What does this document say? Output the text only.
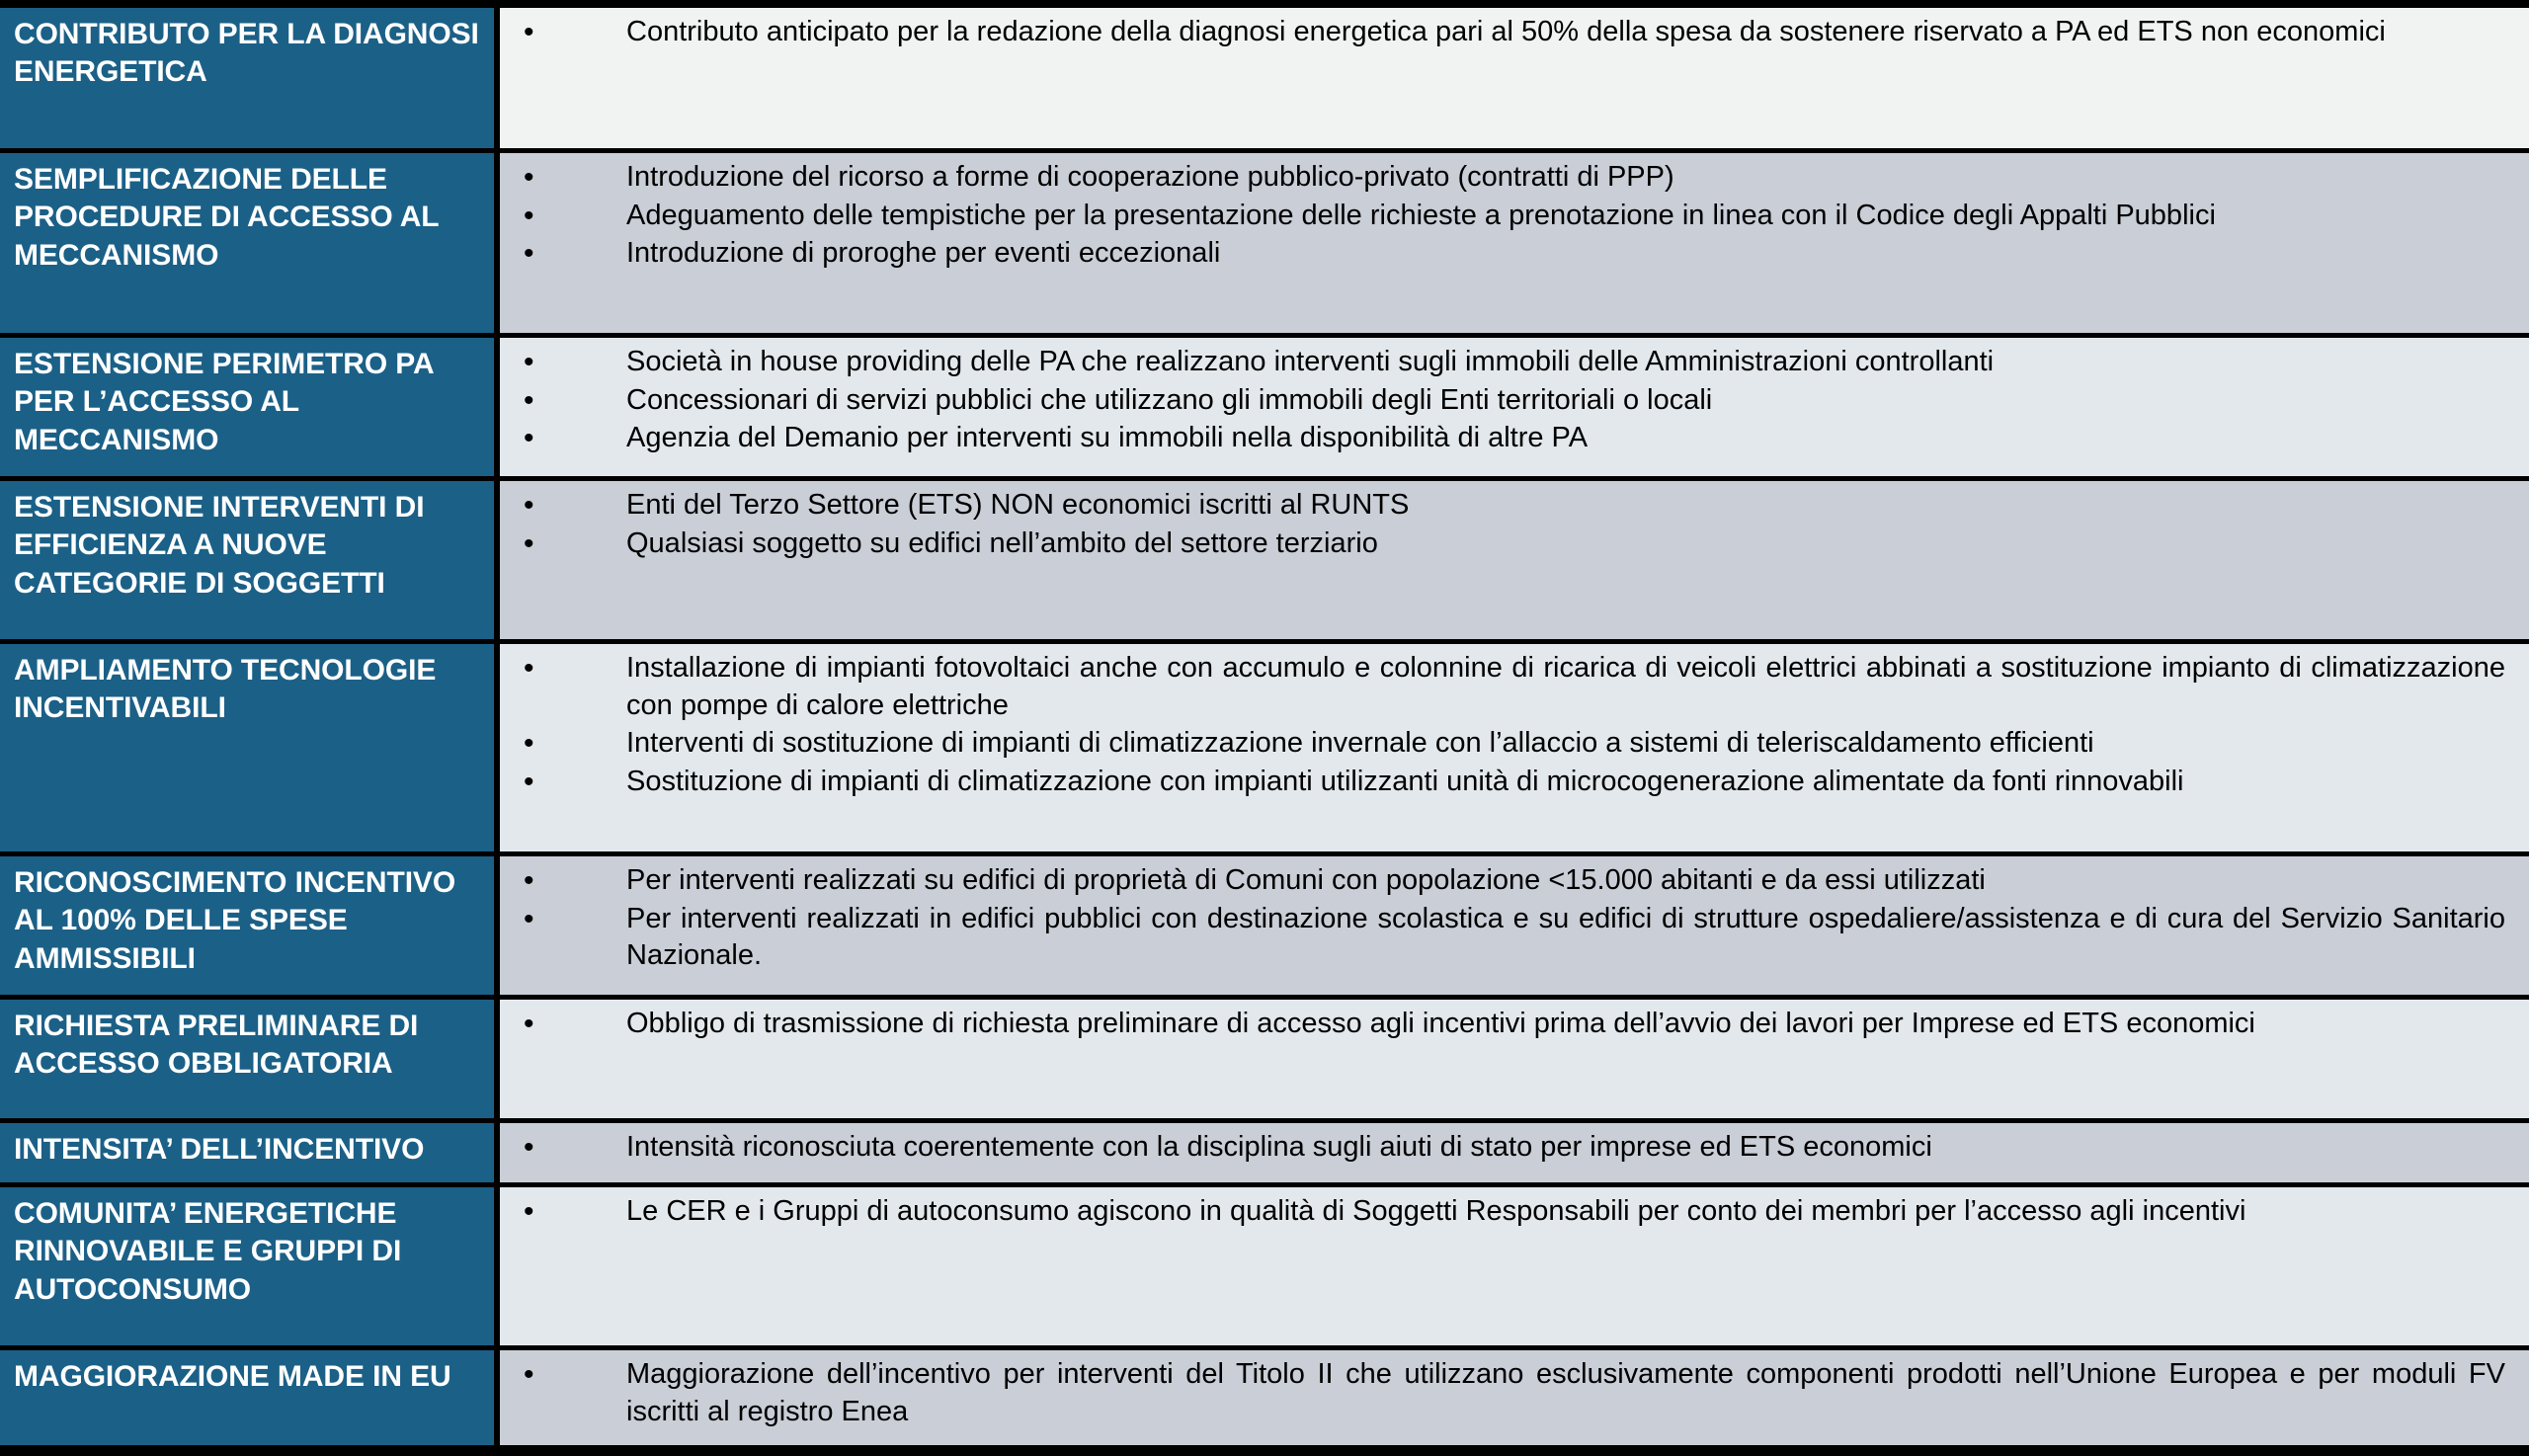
CONTRIBUTO PER LA DIAGNOSI ENERGETICA
• Contributo anticipato per la redazione della diagnosi energetica pari al 50% della spesa da sostenere riservato a PA ed ETS non economici
SEMPLIFICAZIONE DELLE PROCEDURE DI ACCESSO AL MECCANISMO
• Introduzione del ricorso a forme di cooperazione pubblico-privato (contratti di PPP)
• Adeguamento delle tempistiche per la presentazione delle richieste a prenotazione in linea con il Codice degli Appalti Pubblici
• Introduzione di proroghe per eventi eccezionali
ESTENSIONE PERIMETRO PA PER L’ACCESSO AL MECCANISMO
• Società in house providing delle PA che realizzano interventi sugli immobili delle Amministrazioni controllanti
• Concessionari di servizi pubblici che utilizzano gli immobili degli Enti territoriali o locali
• Agenzia del Demanio per interventi su immobili nella disponibilità di altre PA
ESTENSIONE INTERVENTI DI EFFICIENZA A NUOVE CATEGORIE DI SOGGETTI
• Enti del Terzo Settore (ETS) NON economici iscritti al RUNTS
• Qualsiasi soggetto su edifici nell’ambito del settore terziario
AMPLIAMENTO TECNOLOGIE INCENTIVABILI
• Installazione di impianti fotovoltaici anche con accumulo e colonnine di ricarica di veicoli elettrici abbinati a sostituzione impianto di climatizzazione con pompe di calore elettriche
• Interventi di sostituzione di impianti di climatizzazione invernale con l’allaccio a sistemi di teleriscaldamento efficienti
• Sostituzione di impianti di climatizzazione con impianti utilizzanti unità di microcogenerazione alimentate da fonti rinnovabili
RICONOSCIMENTO INCENTIVO AL 100% DELLE SPESE AMMISSIBILI
• Per interventi realizzati su edifici di proprietà di Comuni con popolazione <15.000 abitanti e da essi utilizzati
• Per interventi realizzati in edifici pubblici con destinazione scolastica e su edifici di strutture ospedaliere/assistenza e di cura del Servizio Sanitario Nazionale.
RICHIESTA PRELIMINARE DI ACCESSO OBBLIGATORIA
• Obbligo di trasmissione di richiesta preliminare di accesso agli incentivi prima dell’avvio dei lavori per Imprese ed ETS economici
INTENSITA’ DELL’INCENTIVO	• Intensità riconosciuta coerentemente con la disciplina sugli aiuti di stato per imprese ed ETS economici
COMUNITA’ ENERGETICHE RINNOVABILE E GRUPPI DI AUTOCONSUMO
• Le CER e i Gruppi di autoconsumo agiscono in qualità di Soggetti Responsabili per conto dei membri per l’accesso agli incentivi
MAGGIORAZIONE MADE IN EU	• Maggiorazione dell’incentivo per interventi del Titolo II che utilizzano esclusivamente componenti prodotti nell’Unione Europea e per moduli FV iscritti al registro Enea
